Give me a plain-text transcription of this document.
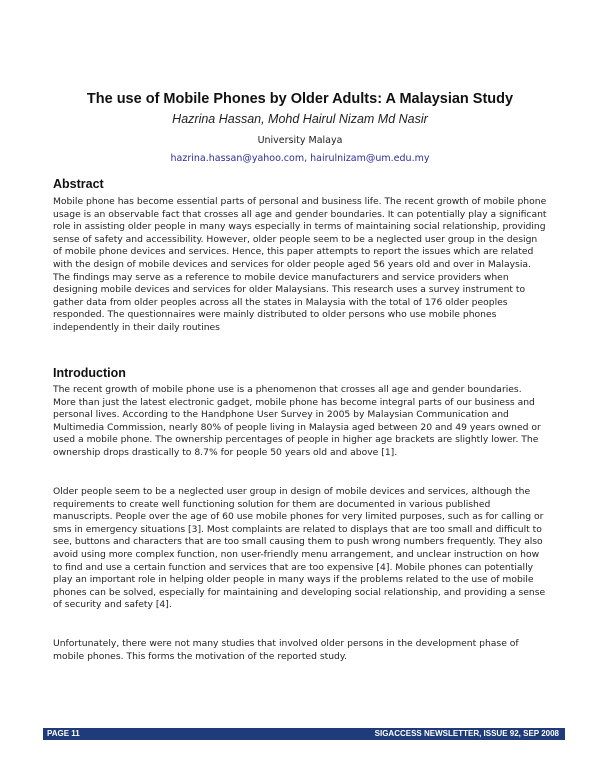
The use of Mobile Phones by Older Adults: A Malaysian Study
Hazrina Hassan, Mohd Hairul Nizam Md Nasir
University Malaya
hazrina.hassan@yahoo.com, hairulnizam@um.edu.my
Abstract

Mobile phone has become essential parts of personal and business life. The recent growth of mobile phone usage is an observable fact that crosses all age and gender boundaries. It can potentially play a significant role in assisting older people in many ways especially in terms of maintaining social relationship, providing sense of safety and accessibility. However, older people seem to be a neglected user group in the design of mobile phone devices and services. Hence, this paper attempts to report the issues which are related with the design of mobile devices and services for older people aged 56 years old and over in Malaysia. The findings may serve as a reference to mobile device manufacturers and service providers when designing mobile devices and services for older Malaysians. This research uses a survey instrument to gather data from older peoples across all the states in Malaysia with the total of 176 older peoples responded. The questionnaires were mainly distributed to older persons who use mobile phones independently in their daily routines

Introduction

The recent growth of mobile phone use is a phenomenon that crosses all age and gender boundaries. More than just the latest electronic gadget, mobile phone has become integral parts of our business and personal lives. According to the Handphone User Survey in 2005 by Malaysian Communication and Multimedia Commission, nearly 80% of people living in Malaysia aged between 20 and 49 years owned or used a mobile phone. The ownership percentages of people in higher age brackets are slightly lower. The ownership drops drastically to 8.7% for people 50 years old and above [1].

Older people seem to be a neglected user group in design of mobile devices and services, although the requirements to create well functioning solution for them are documented in various published manuscripts. People over the age of 60 use mobile phones for very limited purposes, such as for calling or sms in emergency situations [3]. Most complaints are related to displays that are too small and difficult to see, buttons and characters that are too small causing them to push wrong numbers frequently. They also avoid using more complex function, non user-friendly menu arrangement, and unclear instruction on how to find and use a certain function and services that are too expensive [4]. Mobile phones can potentially play an important role in helping older people in many ways if the problems related to the use of mobile phones can be solved, especially for maintaining and developing social relationship, and providing a sense of security and safety [4].

Unfortunately, there were not many studies that involved older persons in the development phase of mobile phones. This forms the motivation of the reported study.

PAGE 11	SIGACCESS NEWSLETTER, ISSUE 92, SEP 2008
